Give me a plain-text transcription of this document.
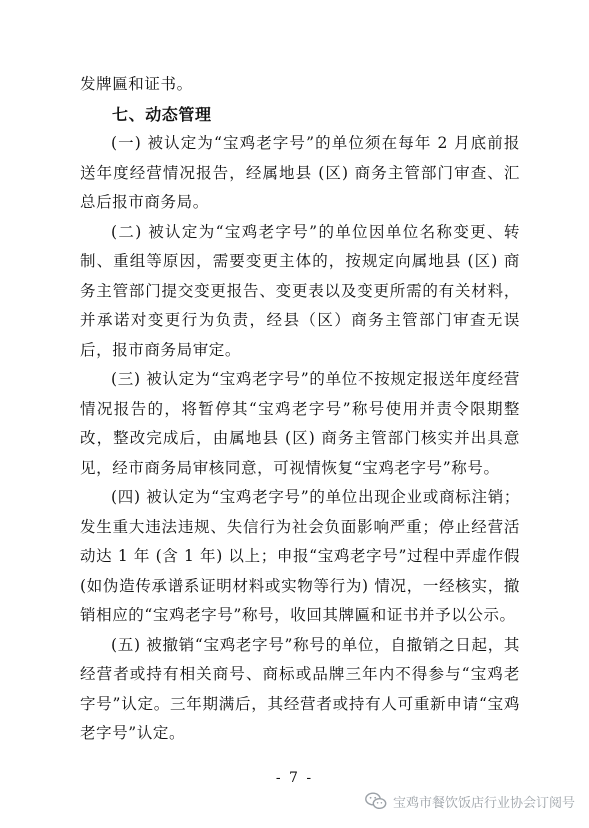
发牌匾和证书。

七、动态管理

(一) 被认定为“宝鸡老字号”的单位须在每年 2 月底前报送年度经营情况报告，经属地县 (区) 商务主管部门审查、汇总后报市商务局。

(二) 被认定为“宝鸡老字号”的单位因单位名称变更、转制、重组等原因，需要变更主体的，按规定向属地县 (区) 商务主管部门提交变更报告、变更表以及变更所需的有关材料，并承诺对变更行为负责，经县（区）商务主管部门审查无误后，报市商务局审定。

(三) 被认定为“宝鸡老字号”的单位不按规定报送年度经营情况报告的，将暂停其“宝鸡老字号”称号使用并责令限期整改，整改完成后，由属地县 (区) 商务主管部门核实并出具意见，经市商务局审核同意，可视情恢复“宝鸡老字号”称号。

(四) 被认定为“宝鸡老字号”的单位出现企业或商标注销；发生重大违法违规、失信行为社会负面影响严重；停止经营活动达 1 年 (含 1 年) 以上；申报“宝鸡老字号”过程中弄虚作假 (如伪造传承谱系证明材料或实物等行为) 情况，一经核实，撤销相应的“宝鸡老字号”称号，收回其牌匾和证书并予以公示。

(五) 被撤销“宝鸡老字号”称号的单位，自撤销之日起，其经营者或持有相关商号、商标或品牌三年内不得参与“宝鸡老字号”认定。三年期满后，其经营者或持有人可重新申请“宝鸡老字号”认定。

- 7 -
宝鸡市餐饮饭店行业协会订阅号
